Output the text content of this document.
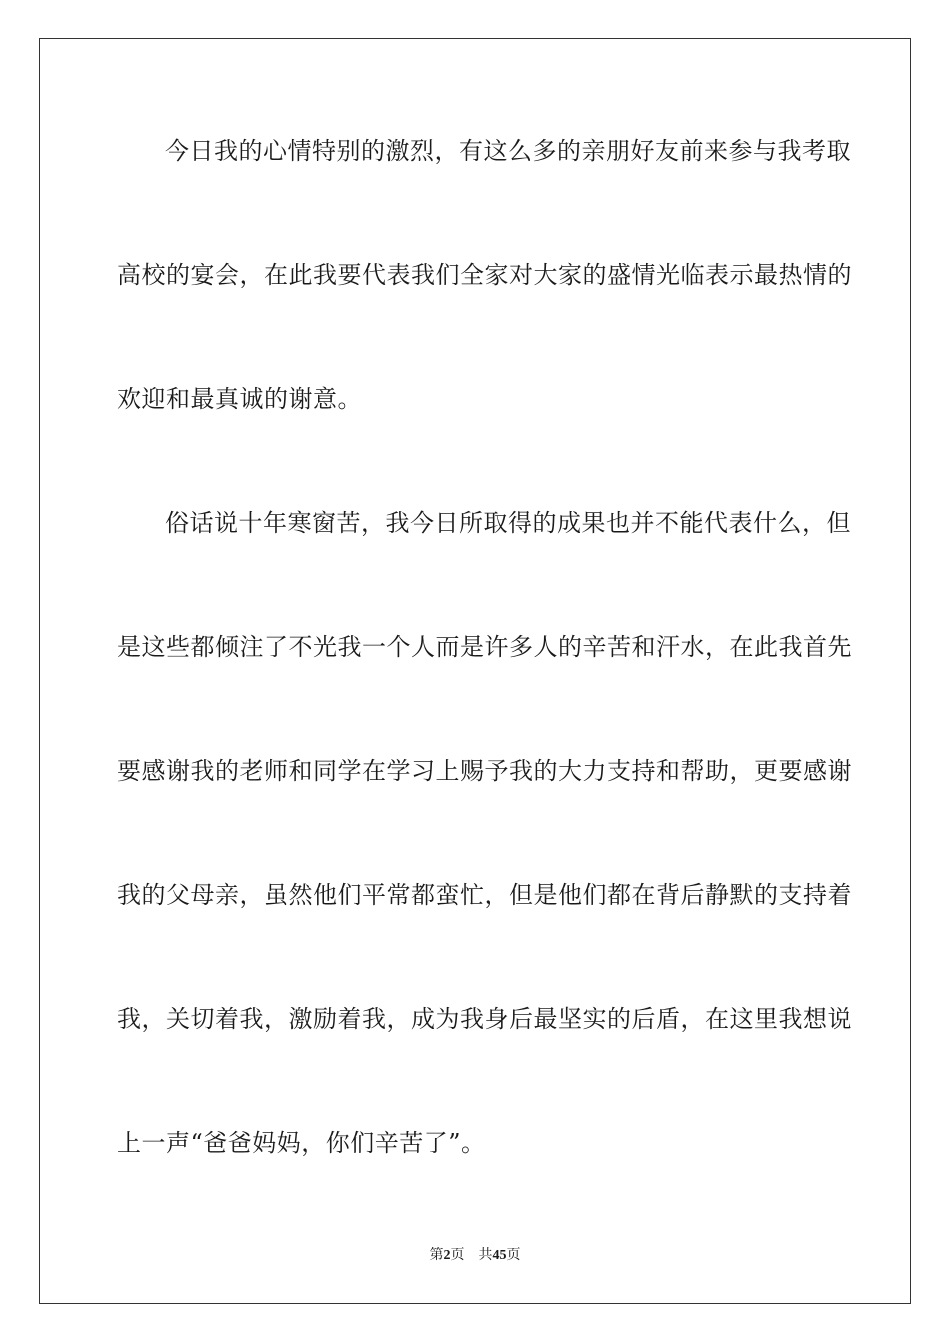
今日我的心情特别的激烈，有这么多的亲朋好友前来参与我考取
高校的宴会，在此我要代表我们全家对大家的盛情光临表示最热情的
欢迎和最真诚的谢意。
俗话说十年寒窗苦，我今日所取得的成果也并不能代表什么，但
是这些都倾注了不光我一个人而是许多人的辛苦和汗水，在此我首先
要感谢我的老师和同学在学习上赐予我的大力支持和帮助，更要感谢
我的父母亲，虽然他们平常都蛮忙，但是他们都在背后静默的支持着
我，关切着我，激励着我，成为我身后最坚实的后盾，在这里我想说
上一声“爸爸妈妈，你们辛苦了”。
第2页 共45页
